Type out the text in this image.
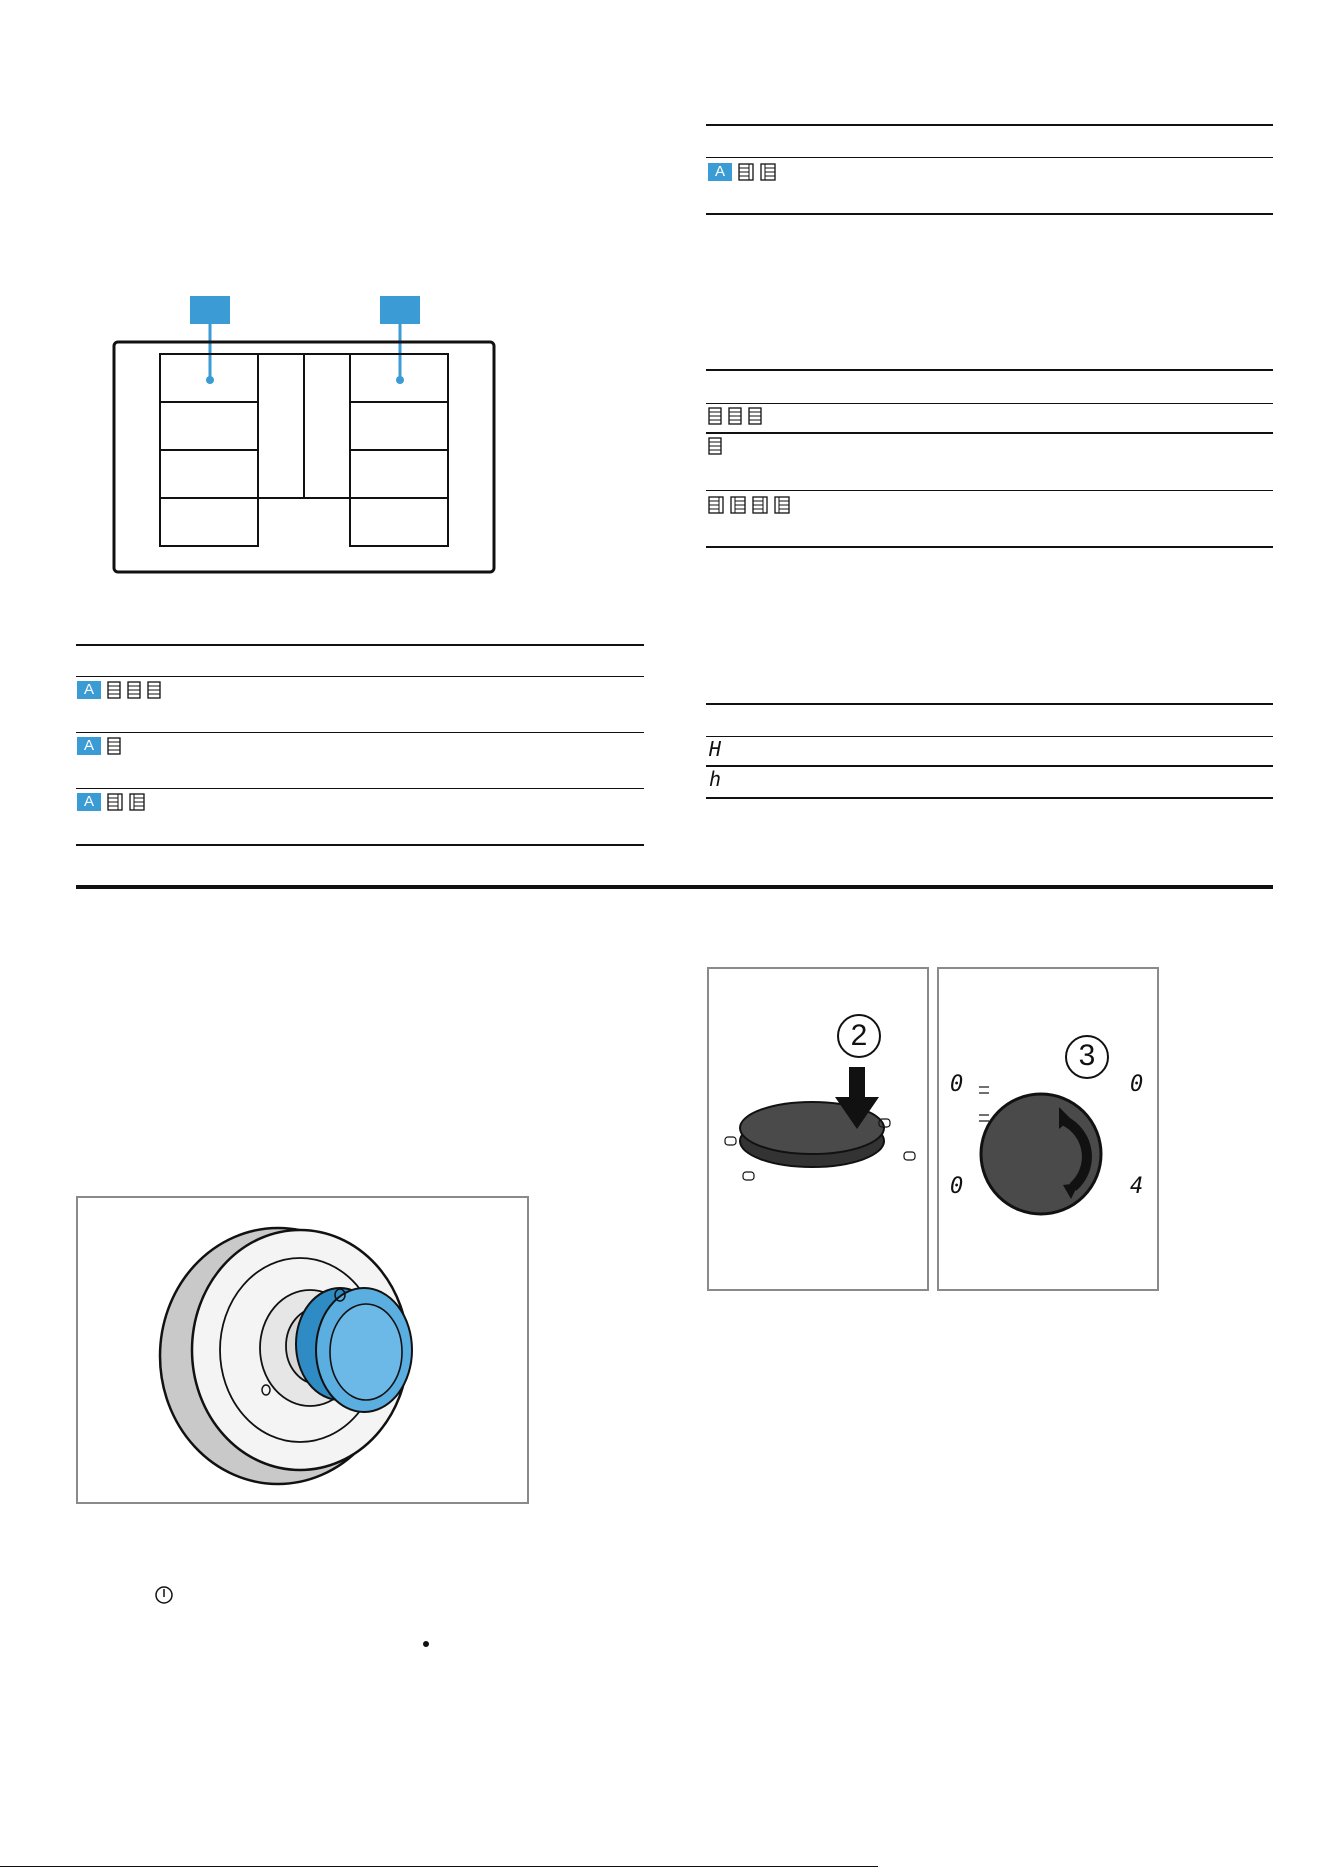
A
A
A
A
H
h
2
3
0	0
0	4
